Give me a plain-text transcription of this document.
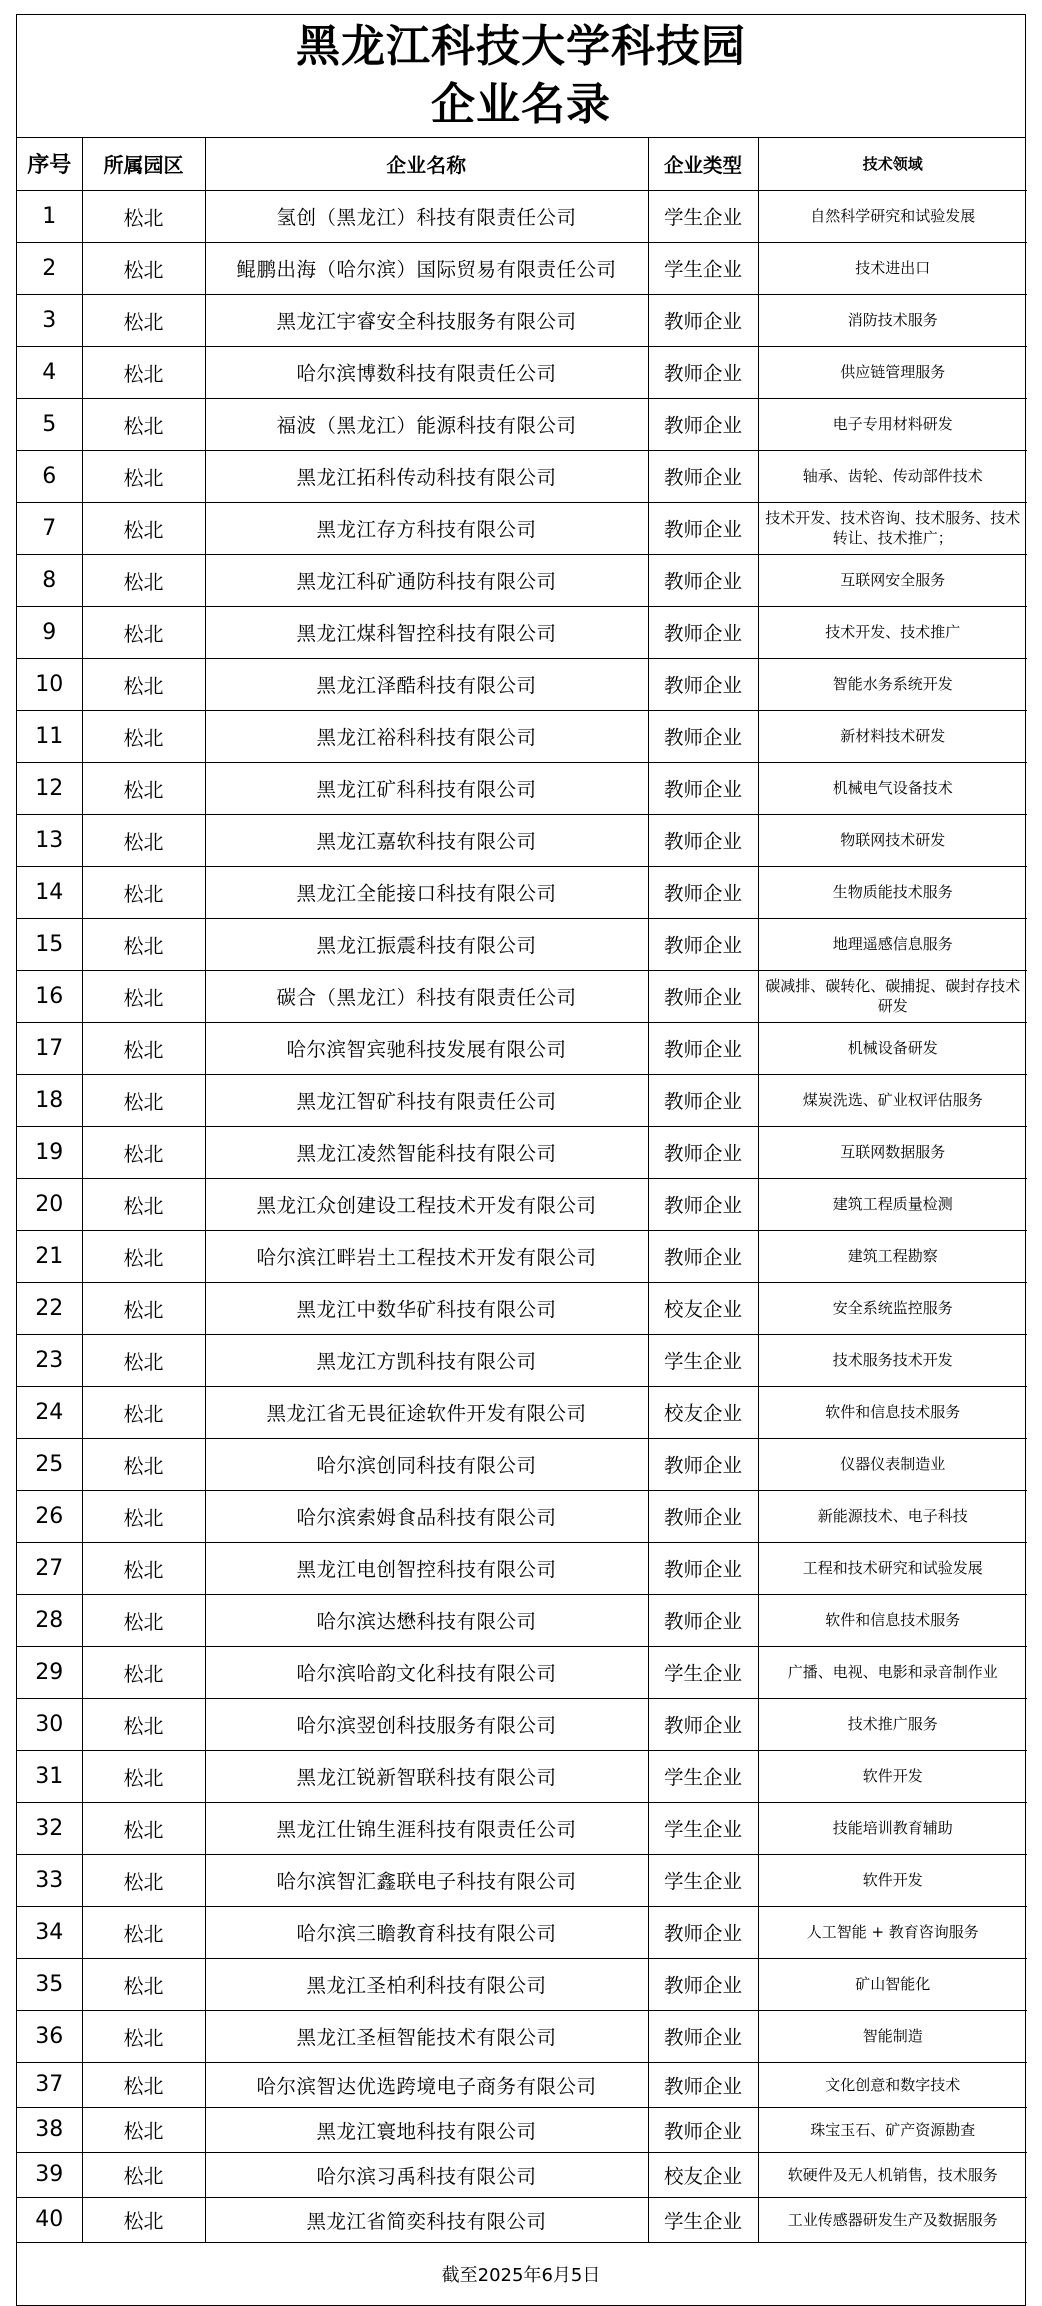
黑龙江科技大学科技园
企业名录
序号	所属园区	企业名称	企业类型	技术领域
1	松北	氢创（黑龙江）科技有限责任公司	学生企业	自然科学研究和试验发展
2	松北	鲲鹏出海（哈尔滨）国际贸易有限责任公司	学生企业	技术进出口
3	松北	黑龙江宇睿安全科技服务有限公司	教师企业	消防技术服务
4	松北	哈尔滨博数科技有限责任公司	教师企业	供应链管理服务
5	松北	福波（黑龙江）能源科技有限公司	教师企业	电子专用材料研发
6	松北	黑龙江拓科传动科技有限公司	教师企业	轴承、齿轮、传动部件技术
7	松北	黑龙江存方科技有限公司	教师企业	技术开发、技术咨询、技术服务、技术转让、技术推广；
8	松北	黑龙江科矿通防科技有限公司	教师企业	互联网安全服务
9	松北	黑龙江煤科智控科技有限公司	教师企业	技术开发、技术推广
10	松北	黑龙江泽酷科技有限公司	教师企业	智能水务系统开发
11	松北	黑龙江裕科科技有限公司	教师企业	新材料技术研发
12	松北	黑龙江矿科科技有限公司	教师企业	机械电气设备技术
13	松北	黑龙江嘉软科技有限公司	教师企业	物联网技术研发
14	松北	黑龙江全能接口科技有限公司	教师企业	生物质能技术服务
15	松北	黑龙江振震科技有限公司	教师企业	地理遥感信息服务
16	松北	碳合（黑龙江）科技有限责任公司	教师企业	碳减排、碳转化、碳捕捉、碳封存技术研发
17	松北	哈尔滨智宾驰科技发展有限公司	教师企业	机械设备研发
18	松北	黑龙江智矿科技有限责任公司	教师企业	煤炭洗选、矿业权评估服务
19	松北	黑龙江凌然智能科技有限公司	教师企业	互联网数据服务
20	松北	黑龙江众创建设工程技术开发有限公司	教师企业	建筑工程质量检测
21	松北	哈尔滨江畔岩土工程技术开发有限公司	教师企业	建筑工程勘察
22	松北	黑龙江中数华矿科技有限公司	校友企业	安全系统监控服务
23	松北	黑龙江方凯科技有限公司	学生企业	技术服务技术开发
24	松北	黑龙江省无畏征途软件开发有限公司	校友企业	软件和信息技术服务
25	松北	哈尔滨创同科技有限公司	教师企业	仪器仪表制造业
26	松北	哈尔滨索姆食品科技有限公司	教师企业	新能源技术、电子科技
27	松北	黑龙江电创智控科技有限公司	教师企业	工程和技术研究和试验发展
28	松北	哈尔滨达懋科技有限公司	教师企业	软件和信息技术服务
29	松北	哈尔滨哈韵文化科技有限公司	学生企业	广播、电视、电影和录音制作业
30	松北	哈尔滨翌创科技服务有限公司	教师企业	技术推广服务
31	松北	黑龙江锐新智联科技有限公司	学生企业	软件开发
32	松北	黑龙江仕锦生涯科技有限责任公司	学生企业	技能培训教育辅助
33	松北	哈尔滨智汇鑫联电子科技有限公司	学生企业	软件开发
34	松北	哈尔滨三瞻教育科技有限公司	教师企业	人工智能 + 教育咨询服务
35	松北	黑龙江圣柏利科技有限公司	教师企业	矿山智能化
36	松北	黑龙江圣桓智能技术有限公司	教师企业	智能制造
37	松北	哈尔滨智达优选跨境电子商务有限公司	教师企业	文化创意和数字技术
38	松北	黑龙江寰地科技有限公司	教师企业	珠宝玉石、矿产资源勘查
39	松北	哈尔滨习禹科技有限公司	校友企业	软硬件及无人机销售，技术服务
40	松北	黑龙江省简奕科技有限公司	学生企业	工业传感器研发生产及数据服务
截至2025年6月5日
